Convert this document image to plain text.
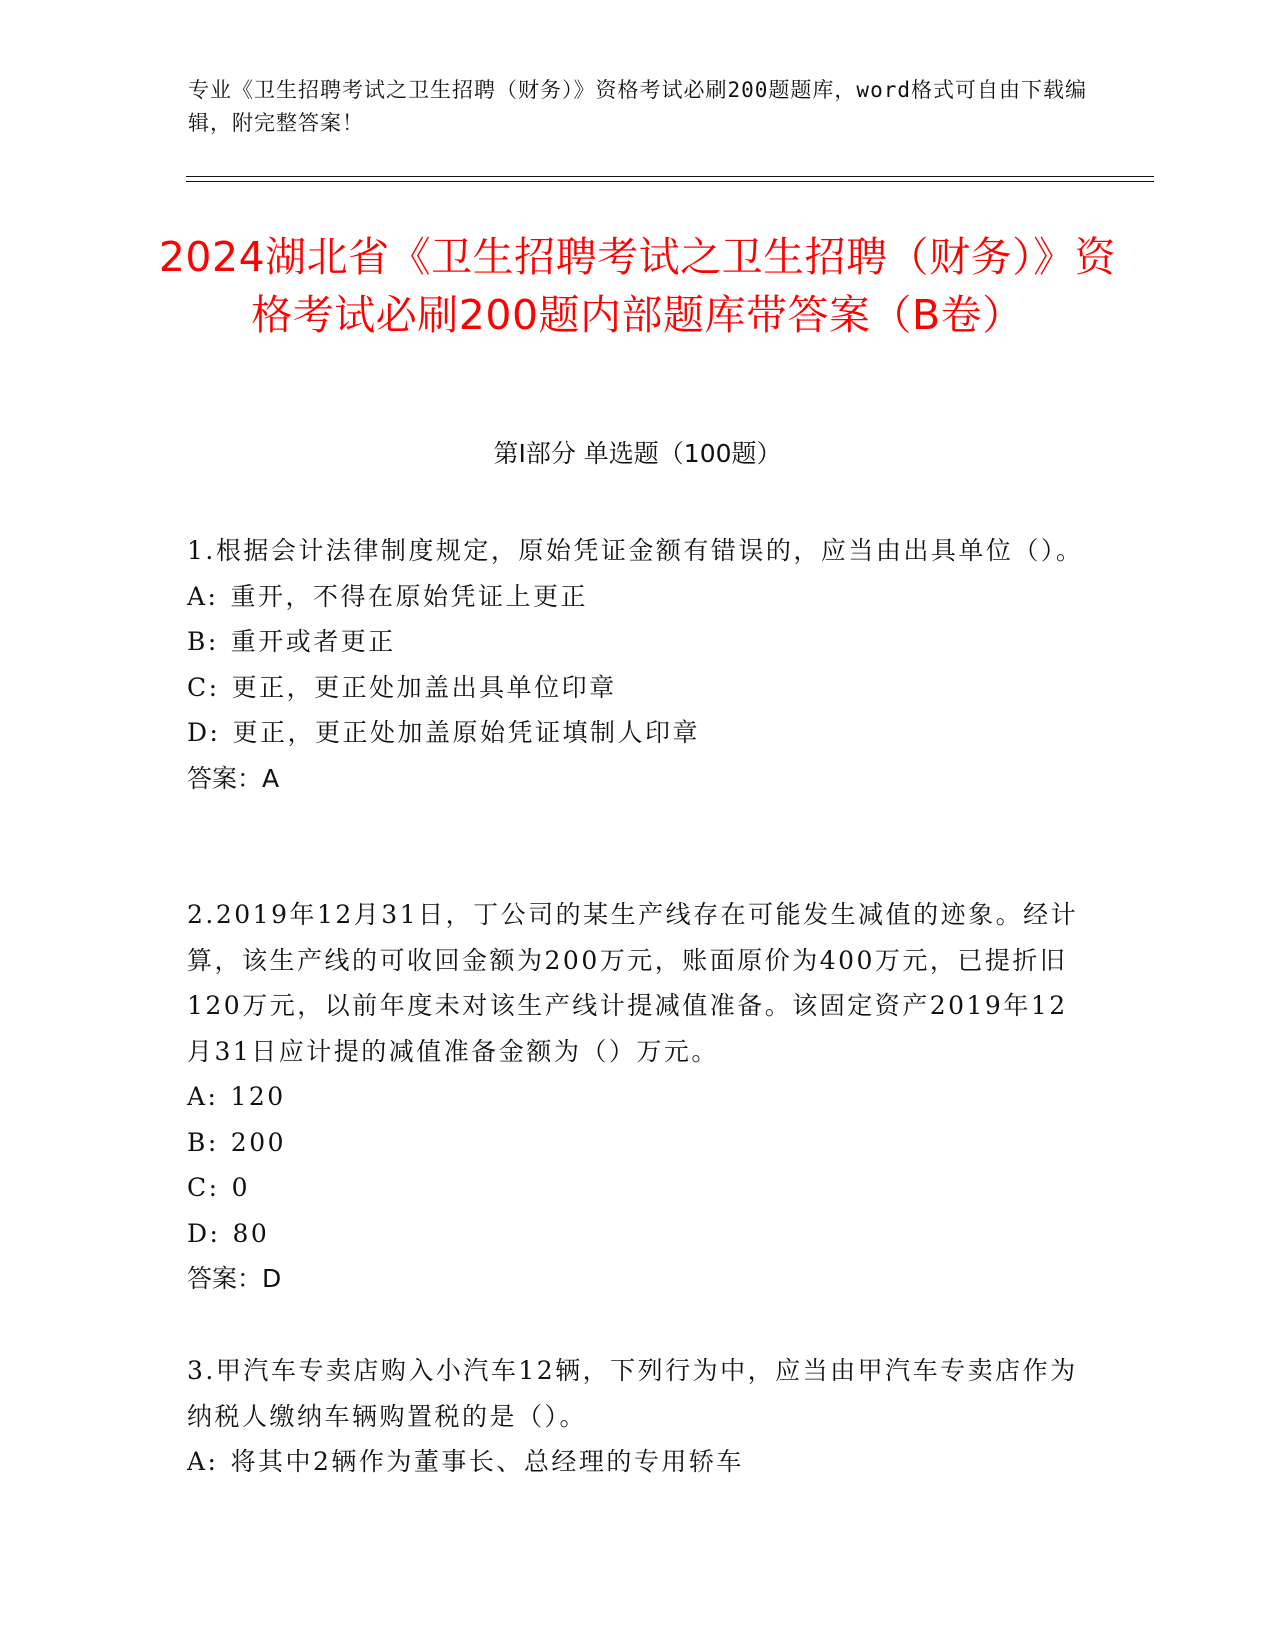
专业《卫生招聘考试之卫生招聘（财务）》资格考试必刷200题题库，word格式可自由下载编辑，附完整答案！
2024湖北省《卫生招聘考试之卫生招聘（财务）》资格考试必刷200题内部题库带答案（B卷）
第I部分 单选题（100题）

1.根据会计法律制度规定，原始凭证金额有错误的，应当由出具单位（）。

A: 重开，不得在原始凭证上更正

B: 重开或者更正

C: 更正，更正处加盖出具单位印章

D: 更正，更正处加盖原始凭证填制人印章

答案：A

2.2019年12月31日，丁公司的某生产线存在可能发生减值的迹象。经计算，该生产线的可收回金额为200万元，账面原价为400万元，已提折旧120万元，以前年度未对该生产线计提减值准备。该固定资产2019年12月31日应计提的减值准备金额为（）万元。

A: 120

B: 200

C: 0

D: 80

答案：D

3.甲汽车专卖店购入小汽车12辆，下列行为中，应当由甲汽车专卖店作为纳税人缴纳车辆购置税的是（）。

A: 将其中2辆作为董事长、总经理的专用轿车
